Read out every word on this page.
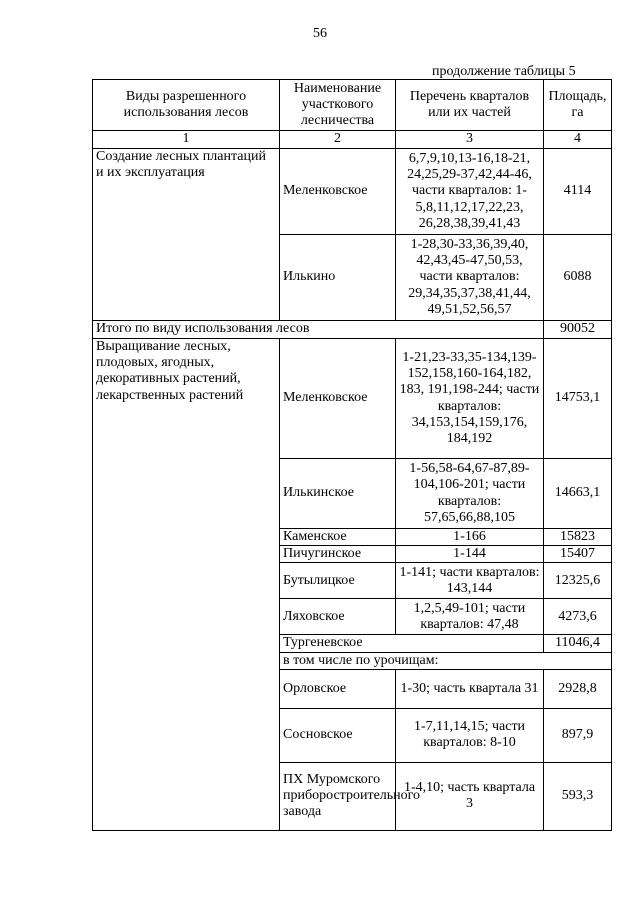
56
продолжение таблицы 5
Виды разрешенного использования лесов	Наименование участкового лесничества	Перечень кварталов или их частей	Площадь, га
1	2	3	4
Создание лесных плантаций и их эксплуатация	Меленковское	6,7,9,10,13-16,18-21, 24,25,29-37,42,44-46, части кварталов: 1-5,8,11,12,17,22,23, 26,28,38,39,41,43	4114
	Илькино	1-28,30-33,36,39,40, 42,43,45-47,50,53, части кварталов: 29,34,35,37,38,41,44, 49,51,52,56,57	6088
Итого по виду использования лесов			90052
Выращивание лесных, плодовых, ягодных, декоративных растений, лекарственных растений	Меленковское	1-21,23-33,35-134,139-152,158,160-164,182, 183, 191,198-244; части кварталов: 34,153,154,159,176, 184,192	14753,1
	Илькинское	1-56,58-64,67-87,89-104,106-201; части кварталов: 57,65,66,88,105	14663,1
	Каменское	1-166	15823
	Пичугинское	1-144	15407
	Бутылицкое	1-141; части кварталов: 143,144	12325,6
	Ляховское	1,2,5,49-101; части кварталов: 47,48	4273,6
	Тургеневское		11046,4
	в том числе по урочищам:		
	Орловское	1-30; часть квартала 31	2928,8
	Сосновское	1-7,11,14,15; части кварталов: 8-10	897,9
	ПХ Муромского приборостроительного завода	1-4,10; часть квартала 3	593,3
